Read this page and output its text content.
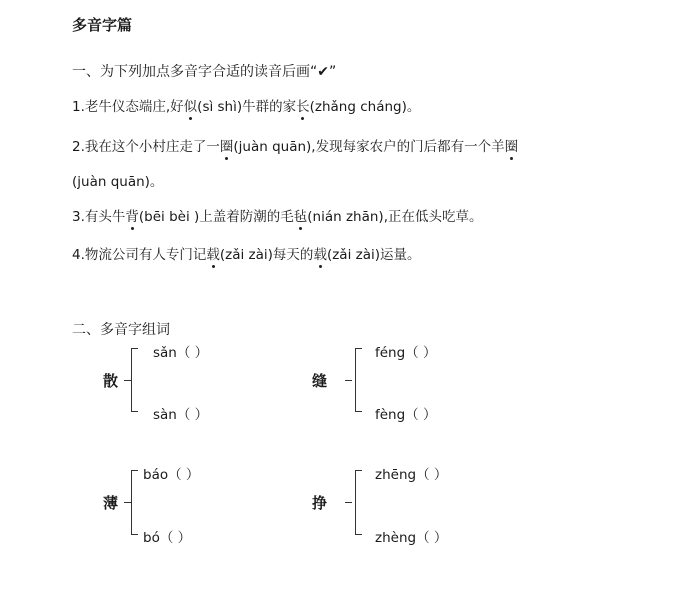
多音字篇
一、为下列加点多音字合适的读音后画“✔”
1.老牛仪态端庄,好似(sì shì)牛群的家长(zhǎng cháng)。
2.我在这个小村庄走了一圈(juàn quān),发现每家农户的门后都有一个羊圈
(juàn quān)。
3.有头牛背(bēi bèi )上盖着防潮的毛毡(nián zhān),正在低头吃草。
4.物流公司有人专门记载(zǎi zài)每天的载(zǎi zài)运量。
二、多音字组词
散
sǎn（ ）
sàn（ ）
缝
féng（ ）
fèng（ ）
薄
báo（ ）
bó（ ）
挣
zhēng（ ）
zhèng（ ）
